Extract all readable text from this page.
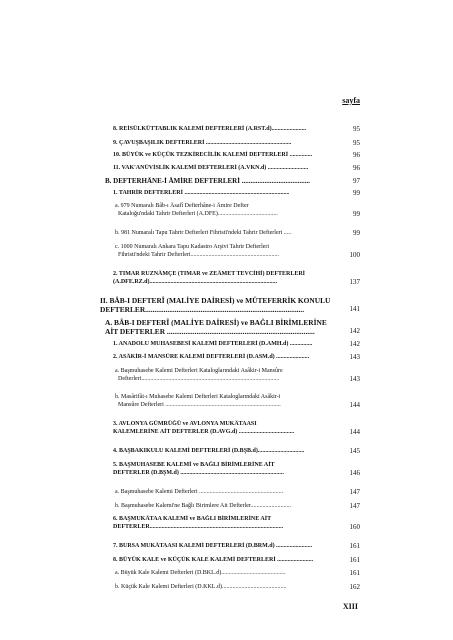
sayfa
8. REİSÜLKÜTTABLIK KALEMİ DEFTERLERİ (A.RST.d).......................	95
9. ÇAVUŞBAŞILIK DEFTERLERİ .........................................................	95
10. BÜYÜK ve KÜÇÜK TEZKİRECİLİK KALEMİ DEFTERLERİ ...............	96
11. VAK'ANÜVİSLİK KALEMİ DEFTERLERİ (A.VKN.d) ...........................	96
B. DEFTERHÂNE-İ ÂMİRE DEFTERLERİ .......................................	97
1. TAHRİR DEFTERLERİ ......................................................................	99
a. 979 Numaralı Bâb-ı Âsafî Defterhâne-i Âmire Defter
Kataloğu'ndaki Tahrir Defterleri (A.DFE)........................................	99
b. 981 Numaralı Tapu Tahrir Defterleri Fihristi'ndeki Tahrir Defterleri .....	99
c. 1000 Numaralı Ankara Tapu Kadastro Arşivi Tahrir Defterleri
Fihristi'ndeki Tahrir Defterleri...........................................................	100
2. TIMAR RUZNÂMÇE (TIMAR ve ZEÂMET TEVCİHİ) DEFTERLERİ
(A.DFE.RZ.d).....................................................................................	137
II. BÂB-I DEFTERÎ (MALİYE DAİRESİ) ve MÜTEFERRİK KONULU
DEFTERLER......................................................................................	141
A. BÂB-I DEFTERÎ (MALİYE DAİRESİ) ve BAĞLI BİRİMLERİNE
AİT DEFTERLER ................................................................................	142
1. ANADOLU MUHASEBESİ KALEMİ DEFTERLERİ (D.AMH.d) ...............	142
2. ASÂKİR-İ MANSÛRE KALEMİ DEFTERLERİ (D.ASM.d) ......................	143
a. Başmuhasebe Kalemi Defterleri Kataloglarındaki Asâkir-i Mansûre
Defterleri............................................................................................	143
b. Masârifât-ı Muhasebe Kalemi Defterleri Kataloglarındaki Asâkir-i
Mansûre Defterleri .............................................................................	144
3. AVLONYA GÜMRÜĞÜ ve AVLONYA MUKÂTAASI
KALEMLERİNE AİT DEFTERLER (D.AVG.d) .....................................	144
4. BAŞBAKIKULU KALEMİ DEFTERLERİ (D.BŞB.d)...............................	145
5. BAŞMUHASEBE KALEMİ ve BAĞLI BİRİMLERİNE AİT
DEFTERLER (D.BŞM.d) .....................................................................	146
a. Başmuhasebe Kalemi Defterleri ........................................................	147
b. Başmuhasebe Kalemi'ne Bağlı Birimlere Ait Defterler...........................	147
6. BAŞMUKÂTAA KALEMİ ve BAĞLI BİRİMLERİNE AİT
DEFTERLER.........................................................................................	160
7. BURSA MUKÂTAASI KALEMİ DEFTERLERİ (D.BRM.d) ........................	161
8. BÜYÜK KALE ve KÜÇÜK KALE KALEMİ DEFTERLERİ ........................	161
a. Büyük Kale Kalemi Defterleri (D.BKL.d)...........................................	161
b. Küçük Kale Kalemi Defterleri (D.KKL.d)...........................................	162
XIII
